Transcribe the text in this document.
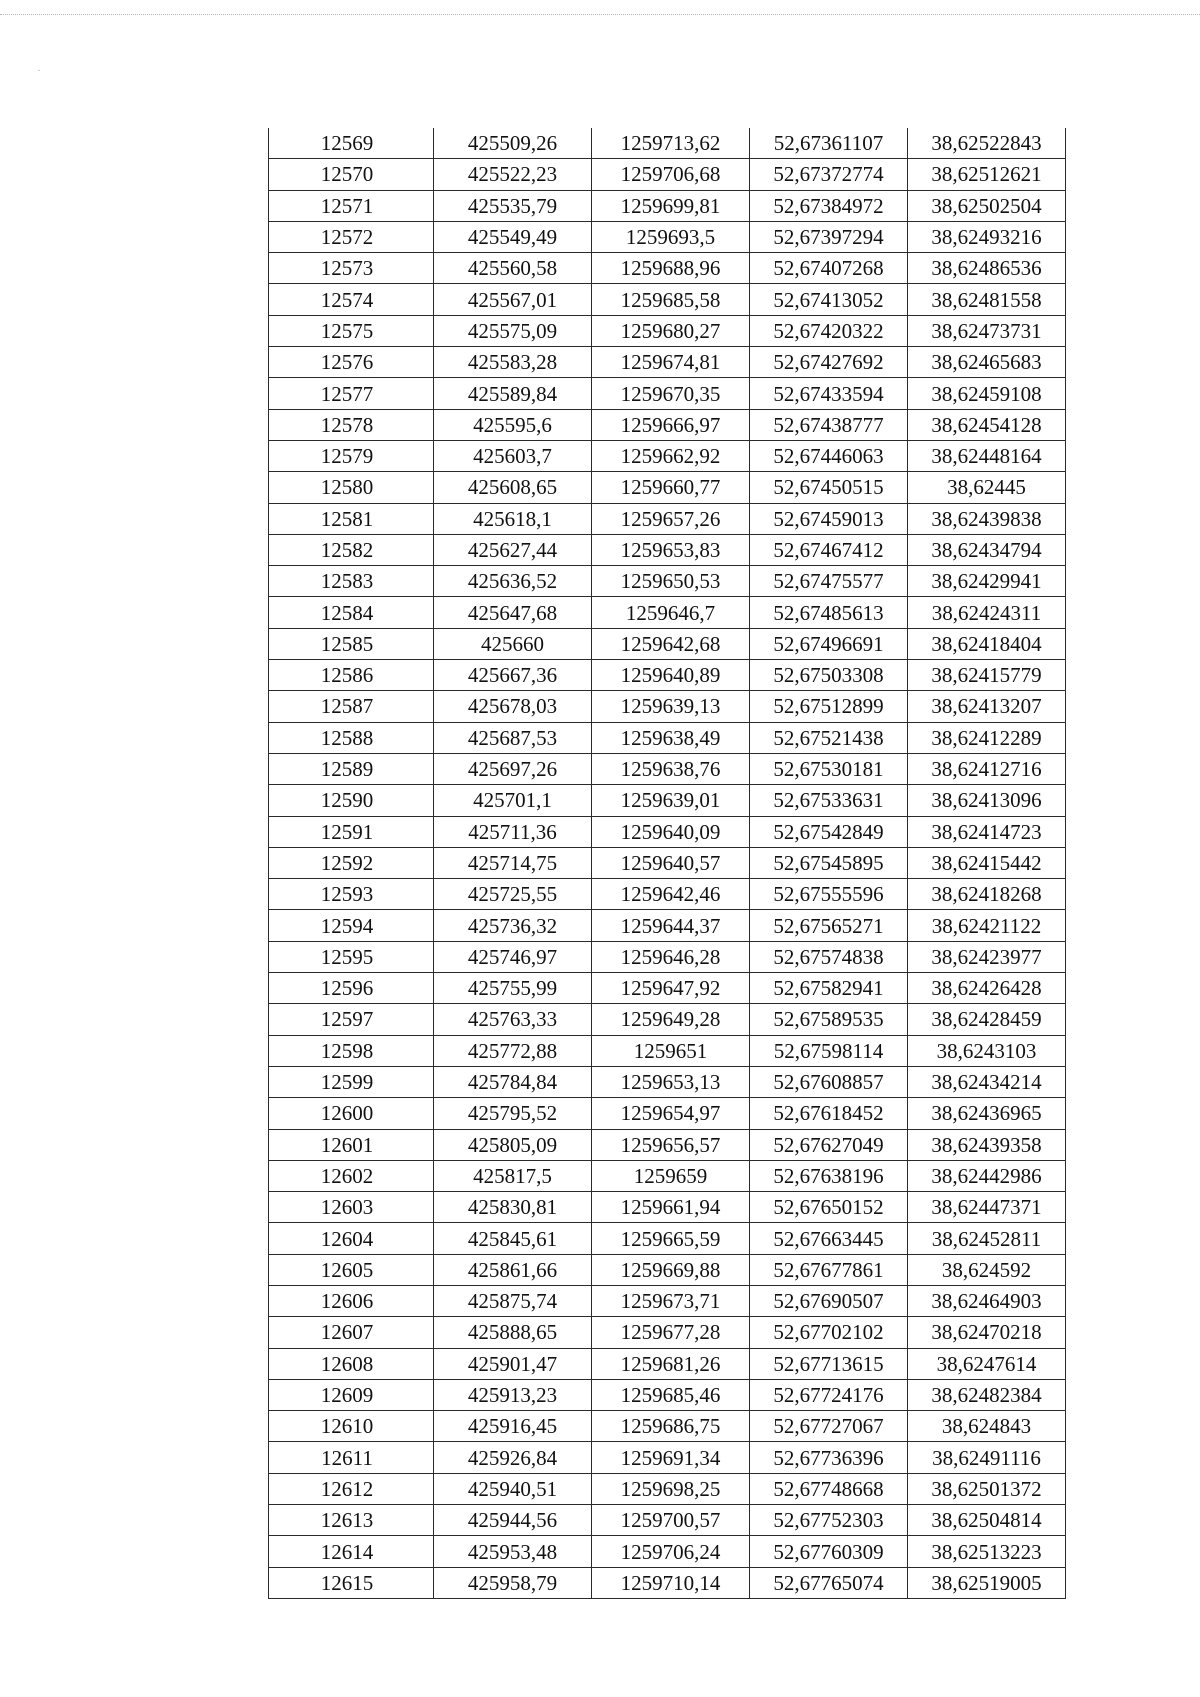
12569	425509,26	1259713,62	52,67361107	38,62522843
12570	425522,23	1259706,68	52,67372774	38,62512621
12571	425535,79	1259699,81	52,67384972	38,62502504
12572	425549,49	1259693,5	52,67397294	38,62493216
12573	425560,58	1259688,96	52,67407268	38,62486536
12574	425567,01	1259685,58	52,67413052	38,62481558
12575	425575,09	1259680,27	52,67420322	38,62473731
12576	425583,28	1259674,81	52,67427692	38,62465683
12577	425589,84	1259670,35	52,67433594	38,62459108
12578	425595,6	1259666,97	52,67438777	38,62454128
12579	425603,7	1259662,92	52,67446063	38,62448164
12580	425608,65	1259660,77	52,67450515	38,62445
12581	425618,1	1259657,26	52,67459013	38,62439838
12582	425627,44	1259653,83	52,67467412	38,62434794
12583	425636,52	1259650,53	52,67475577	38,62429941
12584	425647,68	1259646,7	52,67485613	38,62424311
12585	425660	1259642,68	52,67496691	38,62418404
12586	425667,36	1259640,89	52,67503308	38,62415779
12587	425678,03	1259639,13	52,67512899	38,62413207
12588	425687,53	1259638,49	52,67521438	38,62412289
12589	425697,26	1259638,76	52,67530181	38,62412716
12590	425701,1	1259639,01	52,67533631	38,62413096
12591	425711,36	1259640,09	52,67542849	38,62414723
12592	425714,75	1259640,57	52,67545895	38,62415442
12593	425725,55	1259642,46	52,67555596	38,62418268
12594	425736,32	1259644,37	52,67565271	38,62421122
12595	425746,97	1259646,28	52,67574838	38,62423977
12596	425755,99	1259647,92	52,67582941	38,62426428
12597	425763,33	1259649,28	52,67589535	38,62428459
12598	425772,88	1259651	52,67598114	38,6243103
12599	425784,84	1259653,13	52,67608857	38,62434214
12600	425795,52	1259654,97	52,67618452	38,62436965
12601	425805,09	1259656,57	52,67627049	38,62439358
12602	425817,5	1259659	52,67638196	38,62442986
12603	425830,81	1259661,94	52,67650152	38,62447371
12604	425845,61	1259665,59	52,67663445	38,62452811
12605	425861,66	1259669,88	52,67677861	38,624592
12606	425875,74	1259673,71	52,67690507	38,62464903
12607	425888,65	1259677,28	52,67702102	38,62470218
12608	425901,47	1259681,26	52,67713615	38,6247614
12609	425913,23	1259685,46	52,67724176	38,62482384
12610	425916,45	1259686,75	52,67727067	38,624843
12611	425926,84	1259691,34	52,67736396	38,62491116
12612	425940,51	1259698,25	52,67748668	38,62501372
12613	425944,56	1259700,57	52,67752303	38,62504814
12614	425953,48	1259706,24	52,67760309	38,62513223
12615	425958,79	1259710,14	52,67765074	38,62519005
